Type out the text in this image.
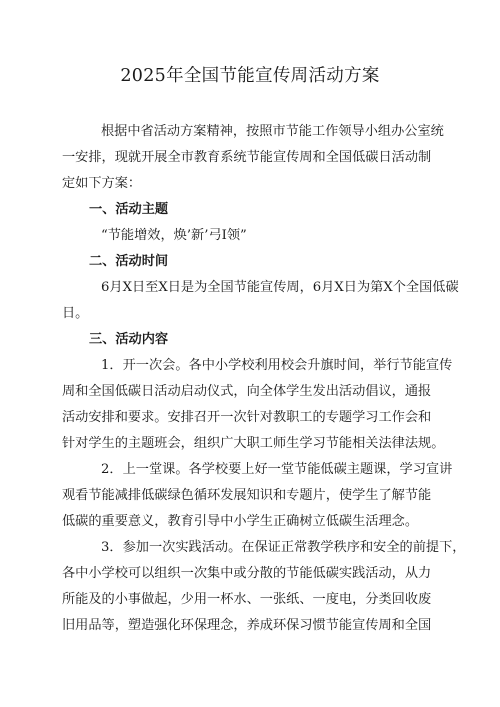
2025年全国节能宣传周活动方案
根据中省活动方案精神，按照市节能工作领导小组办公室统
一安排，现就开展全市教育系统节能宣传周和全国低碳日活动制
定如下方案：
一、活动主题
“节能增效，焕’新’弓I领”
二、活动时间
6月X日至X日是为全国节能宣传周，6月X日为第X个全国低碳
日。
三、活动内容
1．开一次会。各中小学校利用校会升旗时间，举行节能宣传
周和全国低碳日活动启动仪式，向全体学生发出活动倡议，通报
活动安排和要求。安排召开一次针对教职工的专题学习工作会和
针对学生的主题班会，组织广大职工师生学习节能相关法律法规。
2．上一堂课。各学校要上好一堂节能低碳主题课，学习宣讲
观看节能减排低碳绿色循环发展知识和专题片，使学生了解节能
低碳的重要意义，教育引导中小学生正确树立低碳生活理念。
3．参加一次实践活动。在保证正常教学秩序和安全的前提下，
各中小学校可以组织一次集中或分散的节能低碳实践活动，从力
所能及的小事做起，少用一杯水、一张纸、一度电，分类回收废
旧用品等，塑造强化环保理念，养成环保习惯节能宣传周和全国
